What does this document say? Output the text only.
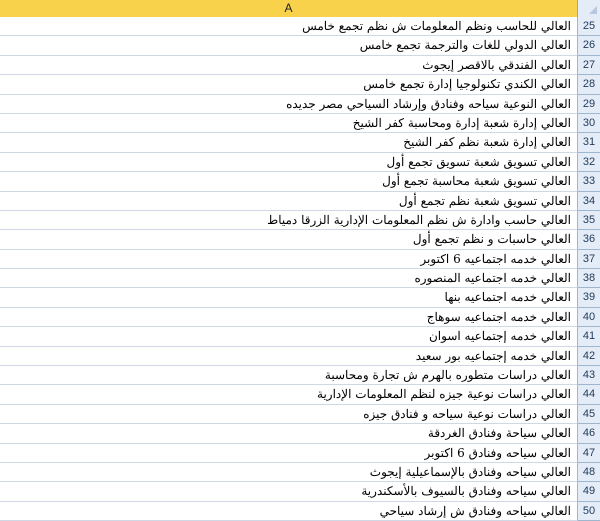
A
العالي للحاسب ونظم المعلومات ش نظم تجمع خامس	25
العالي الدولي للغات والترجمة تجمع خامس	26
العالي الفندقي بالاقصر إيجوث	27
العالي الكندي تكنولوجيا إدارة تجمع خامس	28
العالي النوعية سياحه وفنادق وإرشاد السياحي مصر جديده	29
العالي إدارة شعبة إدارة ومحاسبة كفر الشيخ	30
العالي إدارة شعبة نظم كفر الشيخ	31
العالي تسويق شعبة تسويق تجمع أول	32
العالي تسويق شعبة محاسبة تجمع أول	33
العالي تسويق شعبة نظم تجمع أول	34
العالي حاسب وادارة ش نظم المعلومات الإدارية الزرقا دمياط	35
العالي حاسبات و نظم تجمع أول	36
العالي خدمه اجتماعيه 6 اكتوبر	37
العالي خدمه اجتماعيه المنصوره	38
العالي خدمه اجتماعيه بنها	39
العالي خدمه اجتماعيه سوهاج	40
العالي خدمه إجتماعيه اسوان	41
العالي خدمه إجتماعيه بور سعيد	42
العالي دراسات متطوره بالهرم ش تجارة ومحاسبة	43
العالي دراسات نوعية جيزه لنظم المعلومات الإدارية	44
العالي دراسات نوعية سياحه و فنادق جيزه	45
العالي سياحة وفنادق الغردقة	46
العالي سياحه وفنادق 6 اكتوبر	47
العالي سياحه وفنادق بالإسماعيلية إيجوث	48
العالي سياحه وفنادق بالسيوف بالأسكندرية	49
العالي سياحه وفنادق ش إرشاد سياحي	50
